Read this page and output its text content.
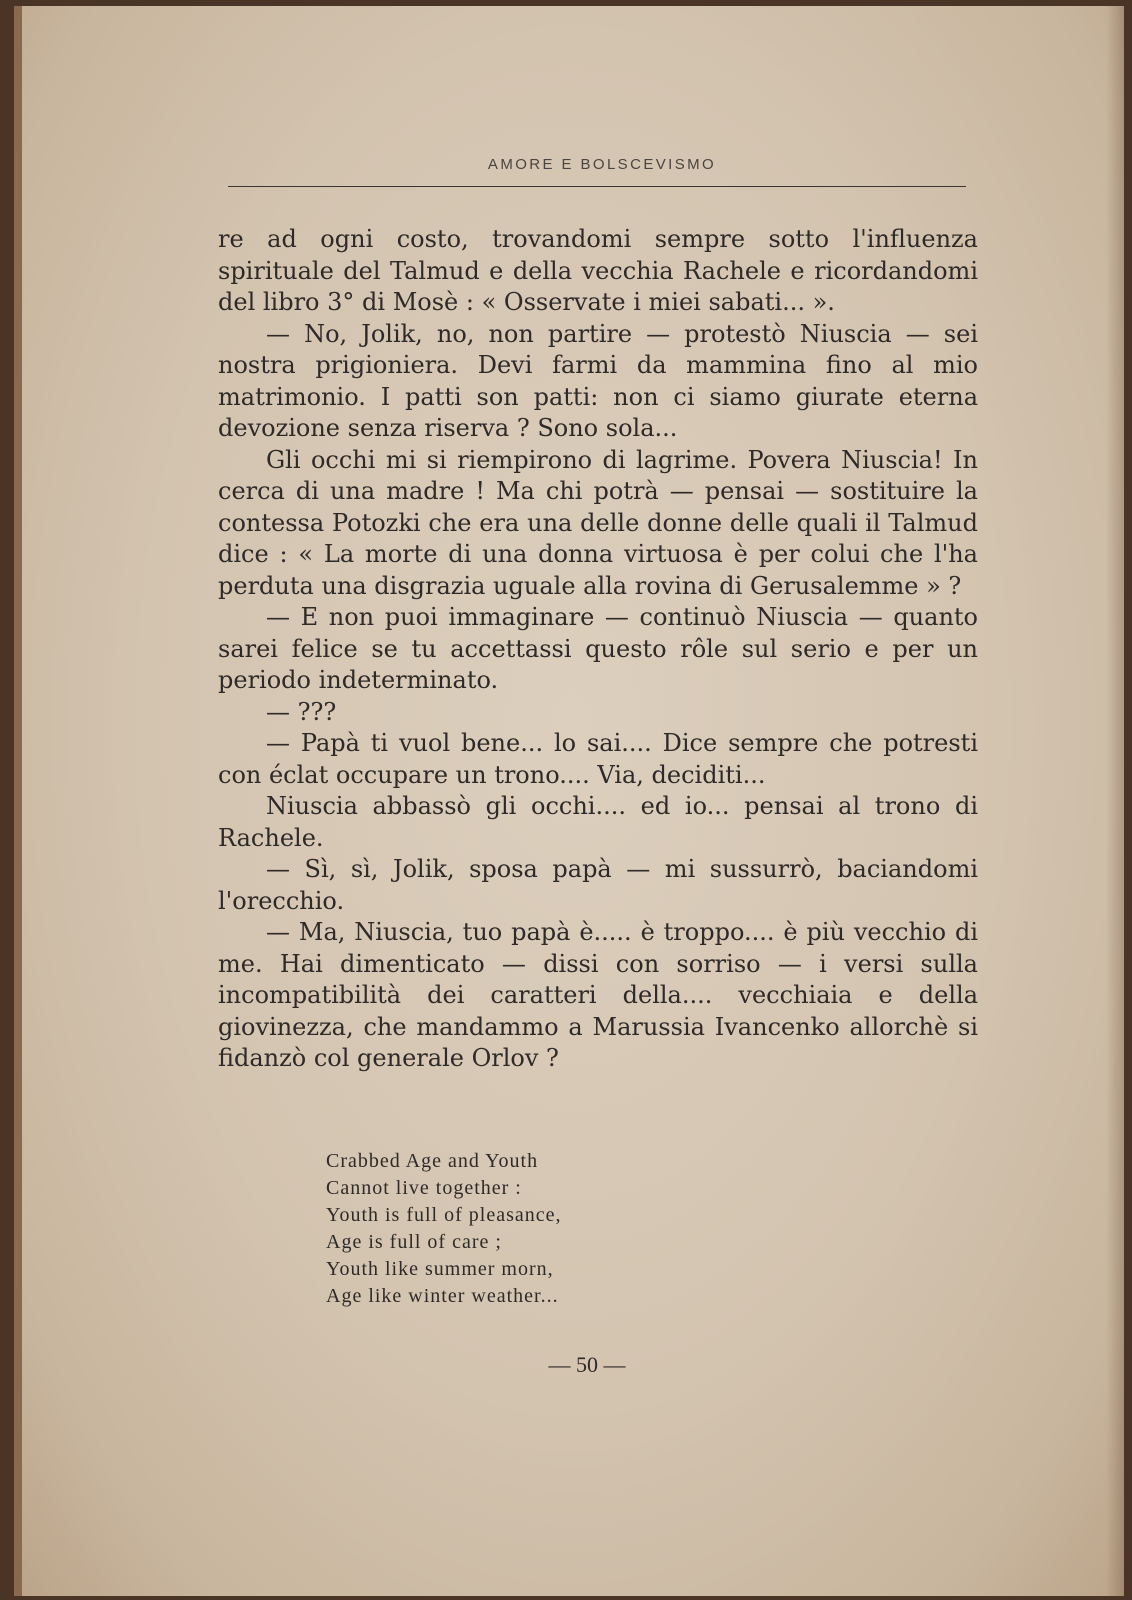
AMORE E BOLSCEVISMO

re ad ogni costo, trovandomi sempre sotto l'influenza spirituale del Talmud e della vecchia Rachele e ricordandomi del libro 3° di Mosè : « Osservate i miei sabati... ».

— No, Jolik, no, non partire — protestò Niuscia — sei nostra prigioniera. Devi farmi da mammina fino al mio matrimonio. I patti son patti: non ci siamo giurate eterna devozione senza riserva ? Sono sola...

Gli occhi mi si riempirono di lagrime. Povera Niuscia! In cerca di una madre ! Ma chi potrà — pensai — sostituire la contessa Potozki che era una delle donne delle quali il Talmud dice : « La morte di una donna virtuosa è per colui che l'ha perduta una disgrazia uguale alla rovina di Gerusalemme » ?

— E non puoi immaginare — continuò Niuscia — quanto sarei felice se tu accettassi questo rôle sul serio e per un periodo indeterminato.

— ???

— Papà ti vuol bene... lo sai.... Dice sempre che potresti con éclat occupare un trono.... Via, deciditi...

Niuscia abbassò gli occhi.... ed io... pensai al trono di Rachele.

— Sì, sì, Jolik, sposa papà — mi sussurrò, baciandomi l'orecchio.

— Ma, Niuscia, tuo papà è..... è troppo.... è più vecchio di me. Hai dimenticato — dissi con sorriso — i versi sulla incompatibilità dei caratteri della.... vecchiaia e della giovinezza, che mandammo a Marussia Ivancenko allorchè si fidanzò col generale Orlov ?

Crabbed Age and Youth
Cannot live together :
Youth is full of pleasance,
Age is full of care ;
Youth like summer morn,
Age like winter weather...
— 50 —
